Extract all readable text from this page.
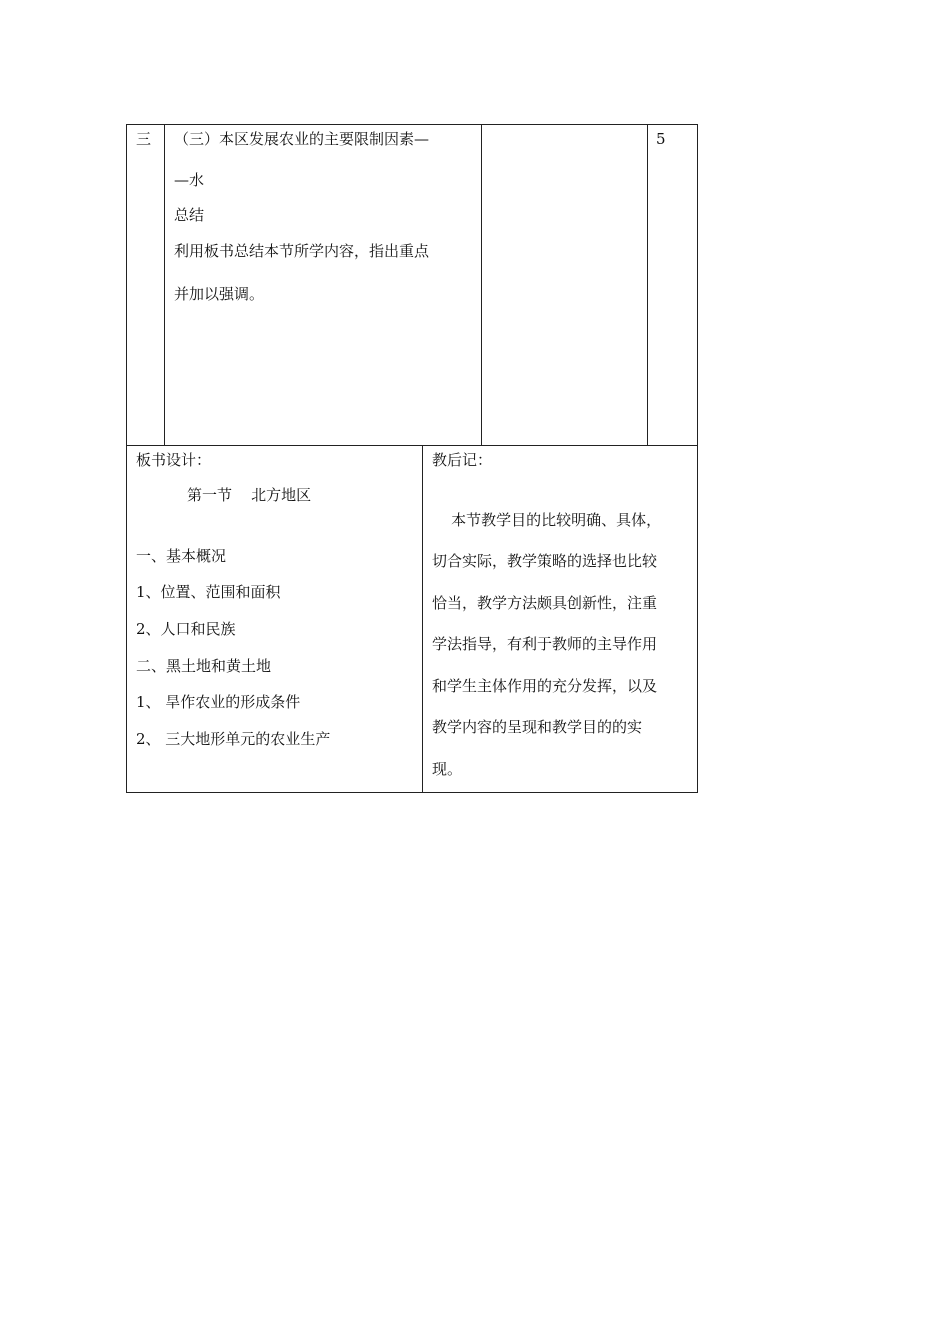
三 （三）本区发展农业的主要限制因素—
—水
总结
利用板书总结本节所学内容，指出重点
并加以强调。
5
板书设计：
第一节    北方地区
一、基本概况
1、位置、范围和面积
2、人口和民族
二、黑土地和黄土地
1、 旱作农业的形成条件
2、 三大地形单元的农业生产
教后记：
本节教学目的比较明确、具体，
切合实际，教学策略的选择也比较
恰当，教学方法颇具创新性，注重
学法指导，有利于教师的主导作用
和学生主体作用的充分发挥，以及
教学内容的呈现和教学目的的实
现。
